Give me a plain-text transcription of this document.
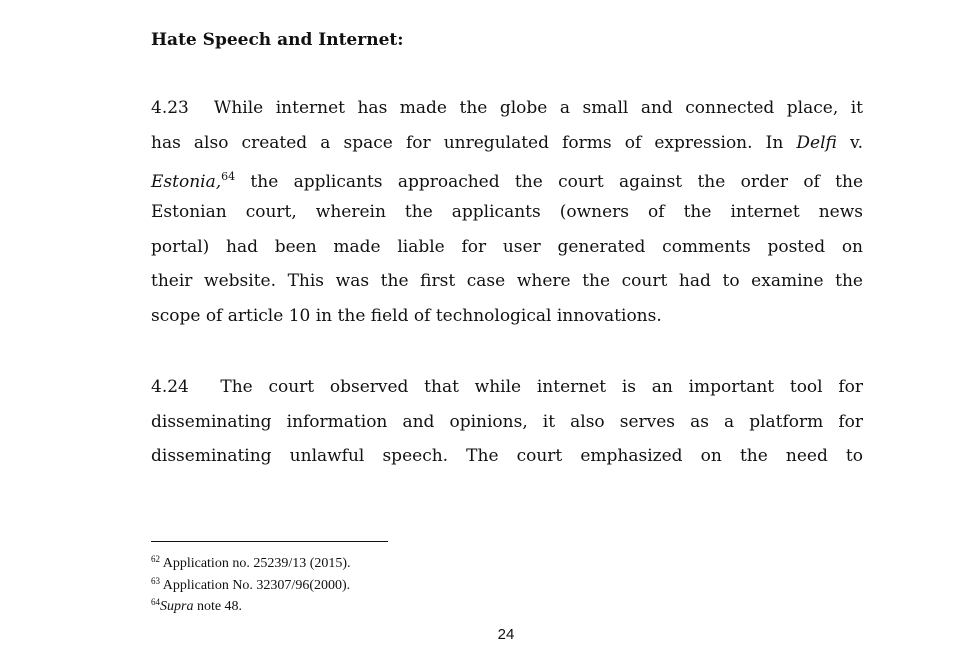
Hate Speech and Internet:
4.23 While internet has made the globe a small and connected place, it
has also created a space for unregulated forms of expression. In Delfi v.
Estonia,$^{64}$ the applicants approached the court against the order of the
Estonian court, wherein the applicants (owners of the internet news
portal) had been made liable for user generated comments posted on
their website. This was the first case where the court had to examine the
scope of article 10 in the field of technological innovations.
4.24 The court observed that while internet is an important tool for
disseminating information and opinions, it also serves as a platform for
disseminating unlawful speech. The court emphasized on the need to
$^{62}$ Application no. 25239/13 (2015).
$^{63}$ Application No. 32307/96(2000).
$^{64}$Supra note 48.
24
